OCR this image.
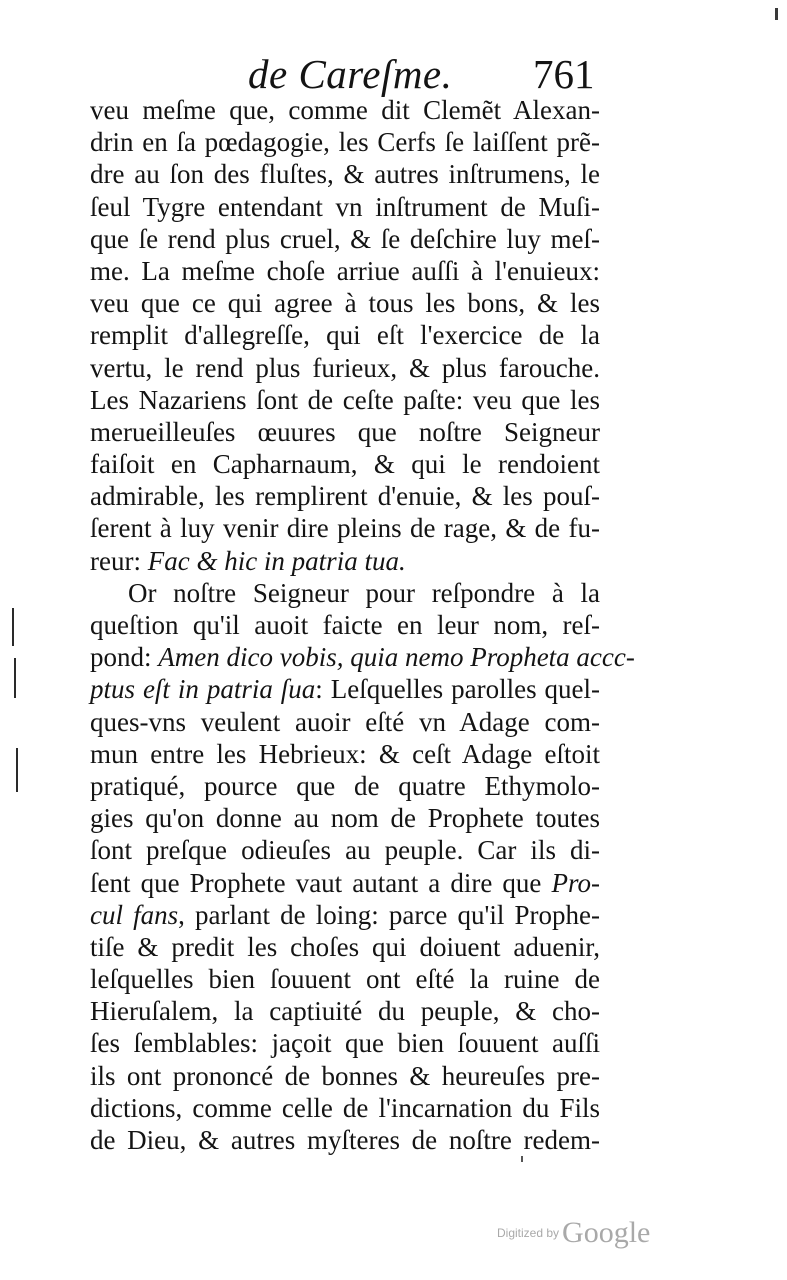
de Careſme. 761
veu meſme que, comme dit Clemẽt Alexan-
drin en ſa pœdagogie, les Cerfs ſe laiſſent prẽ-
dre au ſon des fluſtes, & autres inſtrumens, le
ſeul Tygre entendant vn inſtrument de Muſi-
que ſe rend plus cruel, & ſe deſchire luy meſ-
me. La meſme choſe arriue auſſi à l'enuieux:
veu que ce qui agree à tous les bons, & les
remplit d'allegreſſe, qui eſt l'exercice de la
vertu, le rend plus furieux, & plus farouche.
Les Nazariens ſont de ceſte paſte: veu que les
merueilleuſes œuures que noſtre Seigneur
faiſoit en Capharnaum, & qui le rendoient
admirable, les remplirent d'enuie, & les pouſ-
ſerent à luy venir dire pleins de rage, & de fu-
reur: Fac & hic in patria tua.
Or noſtre Seigneur pour reſpondre à la
queſtion qu'il auoit faicte en leur nom, reſ-
pond: Amen dico vobis, quia nemo Propheta accc-
ptus eſt in patria ſua: Leſquelles parolles quel-
ques-vns veulent auoir eſté vn Adage com-
mun entre les Hebrieux: & ceſt Adage eſtoit
pratiqué, pource que de quatre Ethymolo-
gies qu'on donne au nom de Prophete toutes
ſont preſque odieuſes au peuple. Car ils di-
ſent que Prophete vaut autant a dire que Pro-
cul fans, parlant de loing: parce qu'il Prophe-
tiſe & predit les choſes qui doiuent aduenir,
leſquelles bien ſouuent ont eſté la ruine de
Hieruſalem, la captiuité du peuple, & cho-
ſes ſemblables: jaçoit que bien ſouuent auſſi
ils ont prononcé de bonnes & heureuſes pre-
dictions, comme celle de l'incarnation du Fils
de Dieu, & autres myſteres de noſtre redem-
Digitized by Google
